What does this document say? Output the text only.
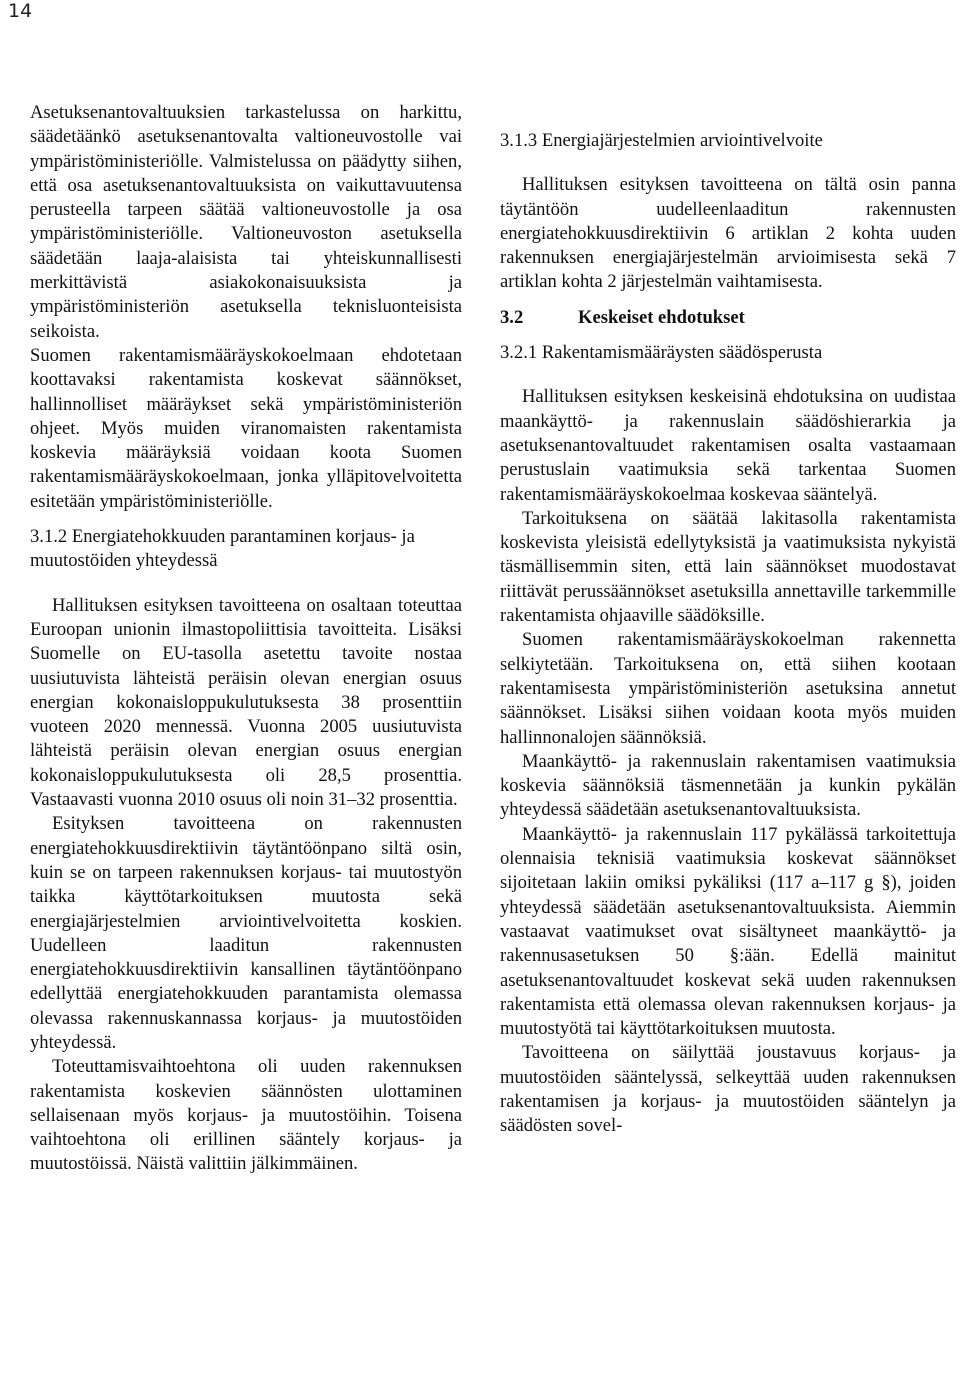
14

Asetuksenantovaltuuksien tarkastelussa on harkittu, säädetäänkö asetuksenantovalta valtioneuvostolle vai ympäristöministeriölle. Valmistelussa on päädytty siihen, että osa asetuksenantovaltuuksista on vaikuttavuutensa perusteella tarpeen säätää valtioneuvostolle ja osa ympäristöministeriölle. Valtioneuvoston asetuksella säädetään laaja-alaisista tai yhteiskunnallisesti merkittävistä asiakokonaisuuksista ja ympäristöministeriön asetuksella teknisluonteisista seikoista.

Suomen rakentamismääräyskokoelmaan ehdotetaan koottavaksi rakentamista koskevat säännökset, hallinnolliset määräykset sekä ympäristöministeriön ohjeet. Myös muiden viranomaisten rakentamista koskevia määräyksiä voidaan koota Suomen rakentamismääräyskokoelmaan, jonka ylläpitovelvoitetta esitetään ympäristöministeriölle.

3.1.2 Energiatehokkuuden parantaminen korjaus- ja muutostöiden yhteydessä

Hallituksen esityksen tavoitteena on osaltaan toteuttaa Euroopan unionin ilmastopoliittisia tavoitteita. Lisäksi Suomelle on EU-tasolla asetettu tavoite nostaa uusiutuvista lähteistä peräisin olevan energian osuus energian kokonaisloppukulutuksesta 38 prosenttiin vuoteen 2020 mennessä. Vuonna 2005 uusiutuvista lähteistä peräisin olevan energian osuus energian kokonaisloppukulutuksesta oli 28,5 prosenttia. Vastaavasti vuonna 2010 osuus oli noin 31–32 prosenttia.

Esityksen tavoitteena on rakennusten energiatehokkuusdirektiivin täytäntöönpano siltä osin, kuin se on tarpeen rakennuksen korjaus- tai muutostyön taikka käyttötarkoituksen muutosta sekä energiajärjestelmien arviointivelvoitetta koskien. Uudelleen laaditun rakennusten energiatehokkuusdirektiivin kansallinen täytäntöönpano edellyttää energiatehokkuuden parantamista olemassa olevassa rakennuskannassa korjaus- ja muutostöiden yhteydessä.

Toteuttamisvaihtoehtona oli uuden rakennuksen rakentamista koskevien säännösten ulottaminen sellaisenaan myös korjaus- ja muutostöihin. Toisena vaihtoehtona oli erillinen sääntely korjaus- ja muutostöissä. Näistä valittiin jälkimmäinen.

3.1.3 Energiajärjestelmien arviointivelvoite

Hallituksen esityksen tavoitteena on tältä osin panna täytäntöön uudelleenlaaditun rakennusten energiatehokkuusdirektiivin 6 artiklan 2 kohta uuden rakennuksen energiajärjestelmän arvioimisesta sekä 7 artiklan kohta 2 järjestelmän vaihtamisesta.

3.2	Keskeiset ehdotukset
3.2.1 Rakentamismääräysten säädösperusta

Hallituksen esityksen keskeisinä ehdotuksina on uudistaa maankäyttö- ja rakennuslain säädöshierarkia ja asetuksenantovaltuudet rakentamisen osalta vastaamaan perustuslain vaatimuksia sekä tarkentaa Suomen rakentamismääräyskokoelmaa koskevaa sääntelyä.

Tarkoituksena on säätää lakitasolla rakentamista koskevista yleisistä edellytyksistä ja vaatimuksista nykyistä täsmällisemmin siten, että lain säännökset muodostavat riittävät perussäännökset asetuksilla annettaville tarkemmille rakentamista ohjaaville säädöksille.

Suomen rakentamismääräyskokoelman rakennetta selkiytetään. Tarkoituksena on, että siihen kootaan rakentamisesta ympäristöministeriön asetuksina annetut säännökset. Lisäksi siihen voidaan koota myös muiden hallinnonalojen säännöksiä.

Maankäyttö- ja rakennuslain rakentamisen vaatimuksia koskevia säännöksiä täsmennetään ja kunkin pykälän yhteydessä säädetään asetuksenantovaltuuksista.

Maankäyttö- ja rakennuslain 117 pykälässä tarkoitettuja olennaisia teknisiä vaatimuksia koskevat säännökset sijoitetaan lakiin omiksi pykäliksi (117 a–117 g §), joiden yhteydessä säädetään asetuksenantovaltuuksista. Aiemmin vastaavat vaatimukset ovat sisältyneet maankäyttö- ja rakennusasetuksen 50 §:ään. Edellä mainitut asetuksenantovaltuudet koskevat sekä uuden rakennuksen rakentamista että olemassa olevan rakennuksen korjaus- ja muutostyötä tai käyttötarkoituksen muutosta.

Tavoitteena on säilyttää joustavuus korjaus- ja muutostöiden sääntelyssä, selkeyttää uuden rakennuksen rakentamisen ja korjaus- ja muutostöiden sääntelyn ja säädösten sovel-
